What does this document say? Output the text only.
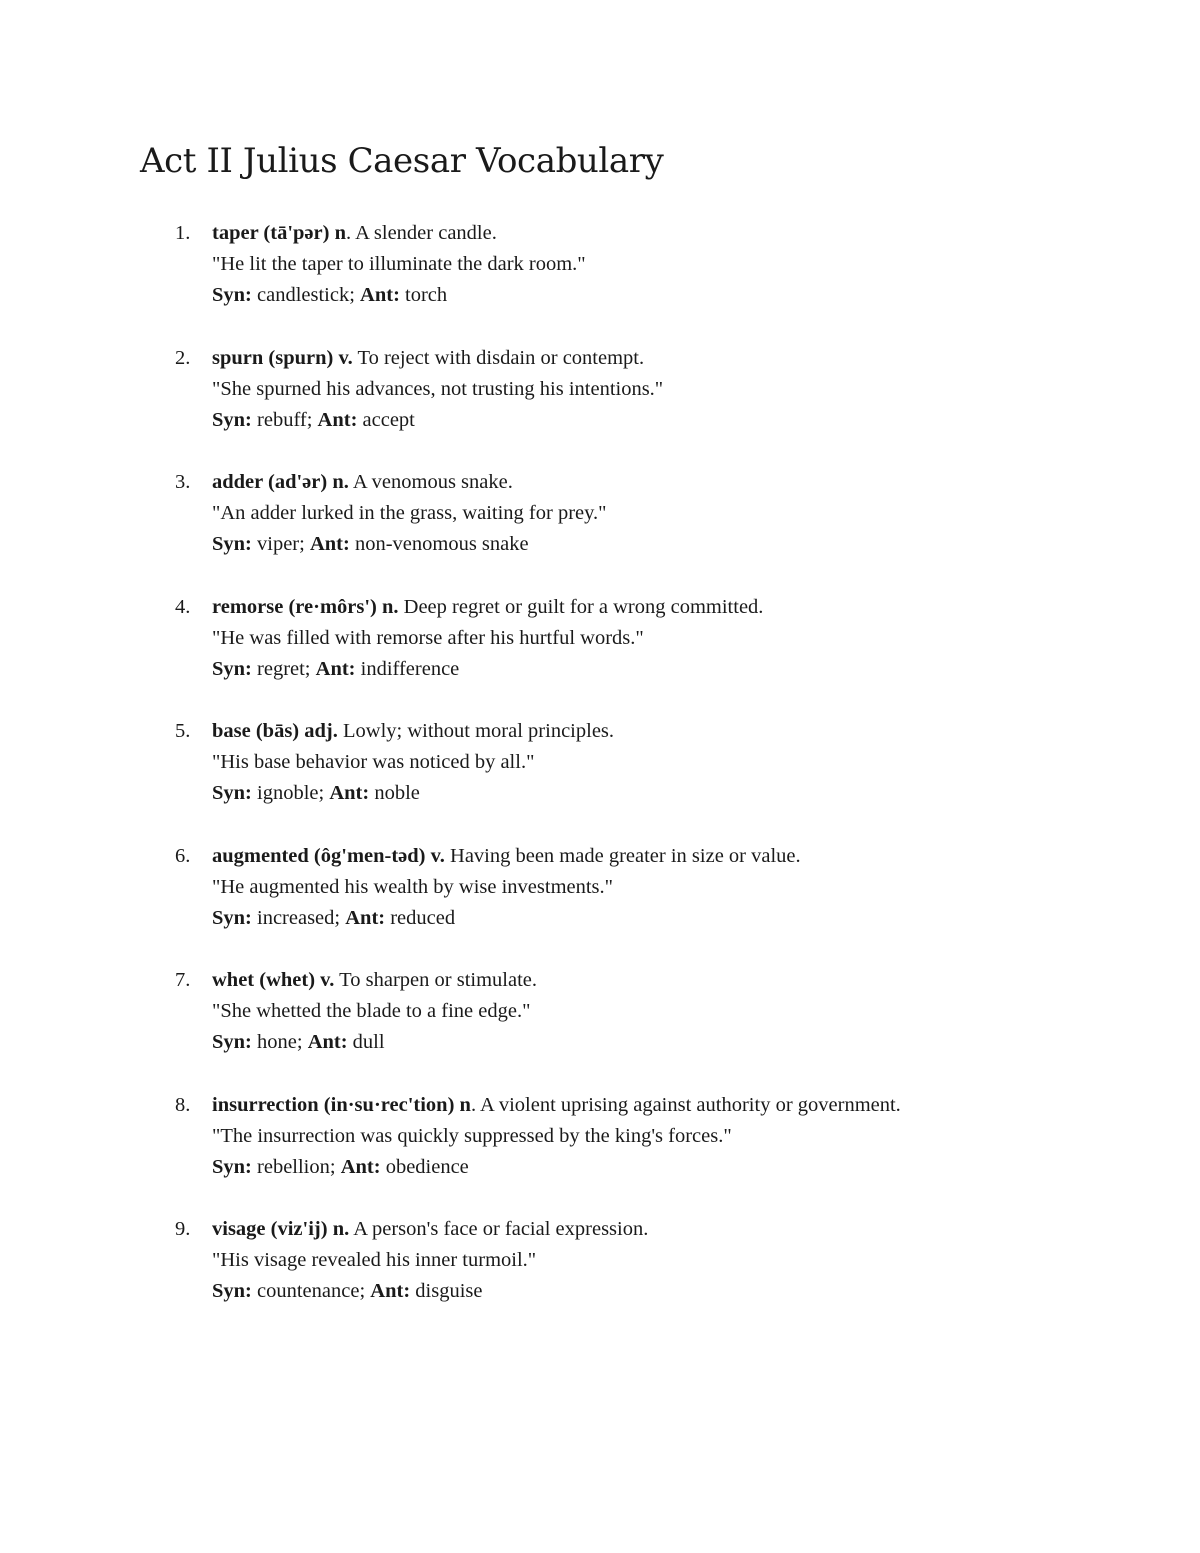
Act II Julius Caesar Vocabulary
1. taper (tā'pər) n. A slender candle.
"He lit the taper to illuminate the dark room."
Syn: candlestick; Ant: torch
2. spurn (spurn) v. To reject with disdain or contempt.
"She spurned his advances, not trusting his intentions."
Syn: rebuff; Ant: accept
3. adder (ad'ər) n. A venomous snake.
"An adder lurked in the grass, waiting for prey."
Syn: viper; Ant: non-venomous snake
4. remorse (re·môrs') n. Deep regret or guilt for a wrong committed.
"He was filled with remorse after his hurtful words."
Syn: regret; Ant: indifference
5. base (bās) adj. Lowly; without moral principles.
"His base behavior was noticed by all."
Syn: ignoble; Ant: noble
6. augmented (ôg'men-təd) v. Having been made greater in size or value.
"He augmented his wealth by wise investments."
Syn: increased; Ant: reduced
7. whet (whet) v. To sharpen or stimulate.
"She whetted the blade to a fine edge."
Syn: hone; Ant: dull
8. insurrection (in·su·rec'tion) n. A violent uprising against authority or government.
"The insurrection was quickly suppressed by the king's forces."
Syn: rebellion; Ant: obedience
9. visage (viz'ij) n. A person's face or facial expression.
"His visage revealed his inner turmoil."
Syn: countenance; Ant: disguise
